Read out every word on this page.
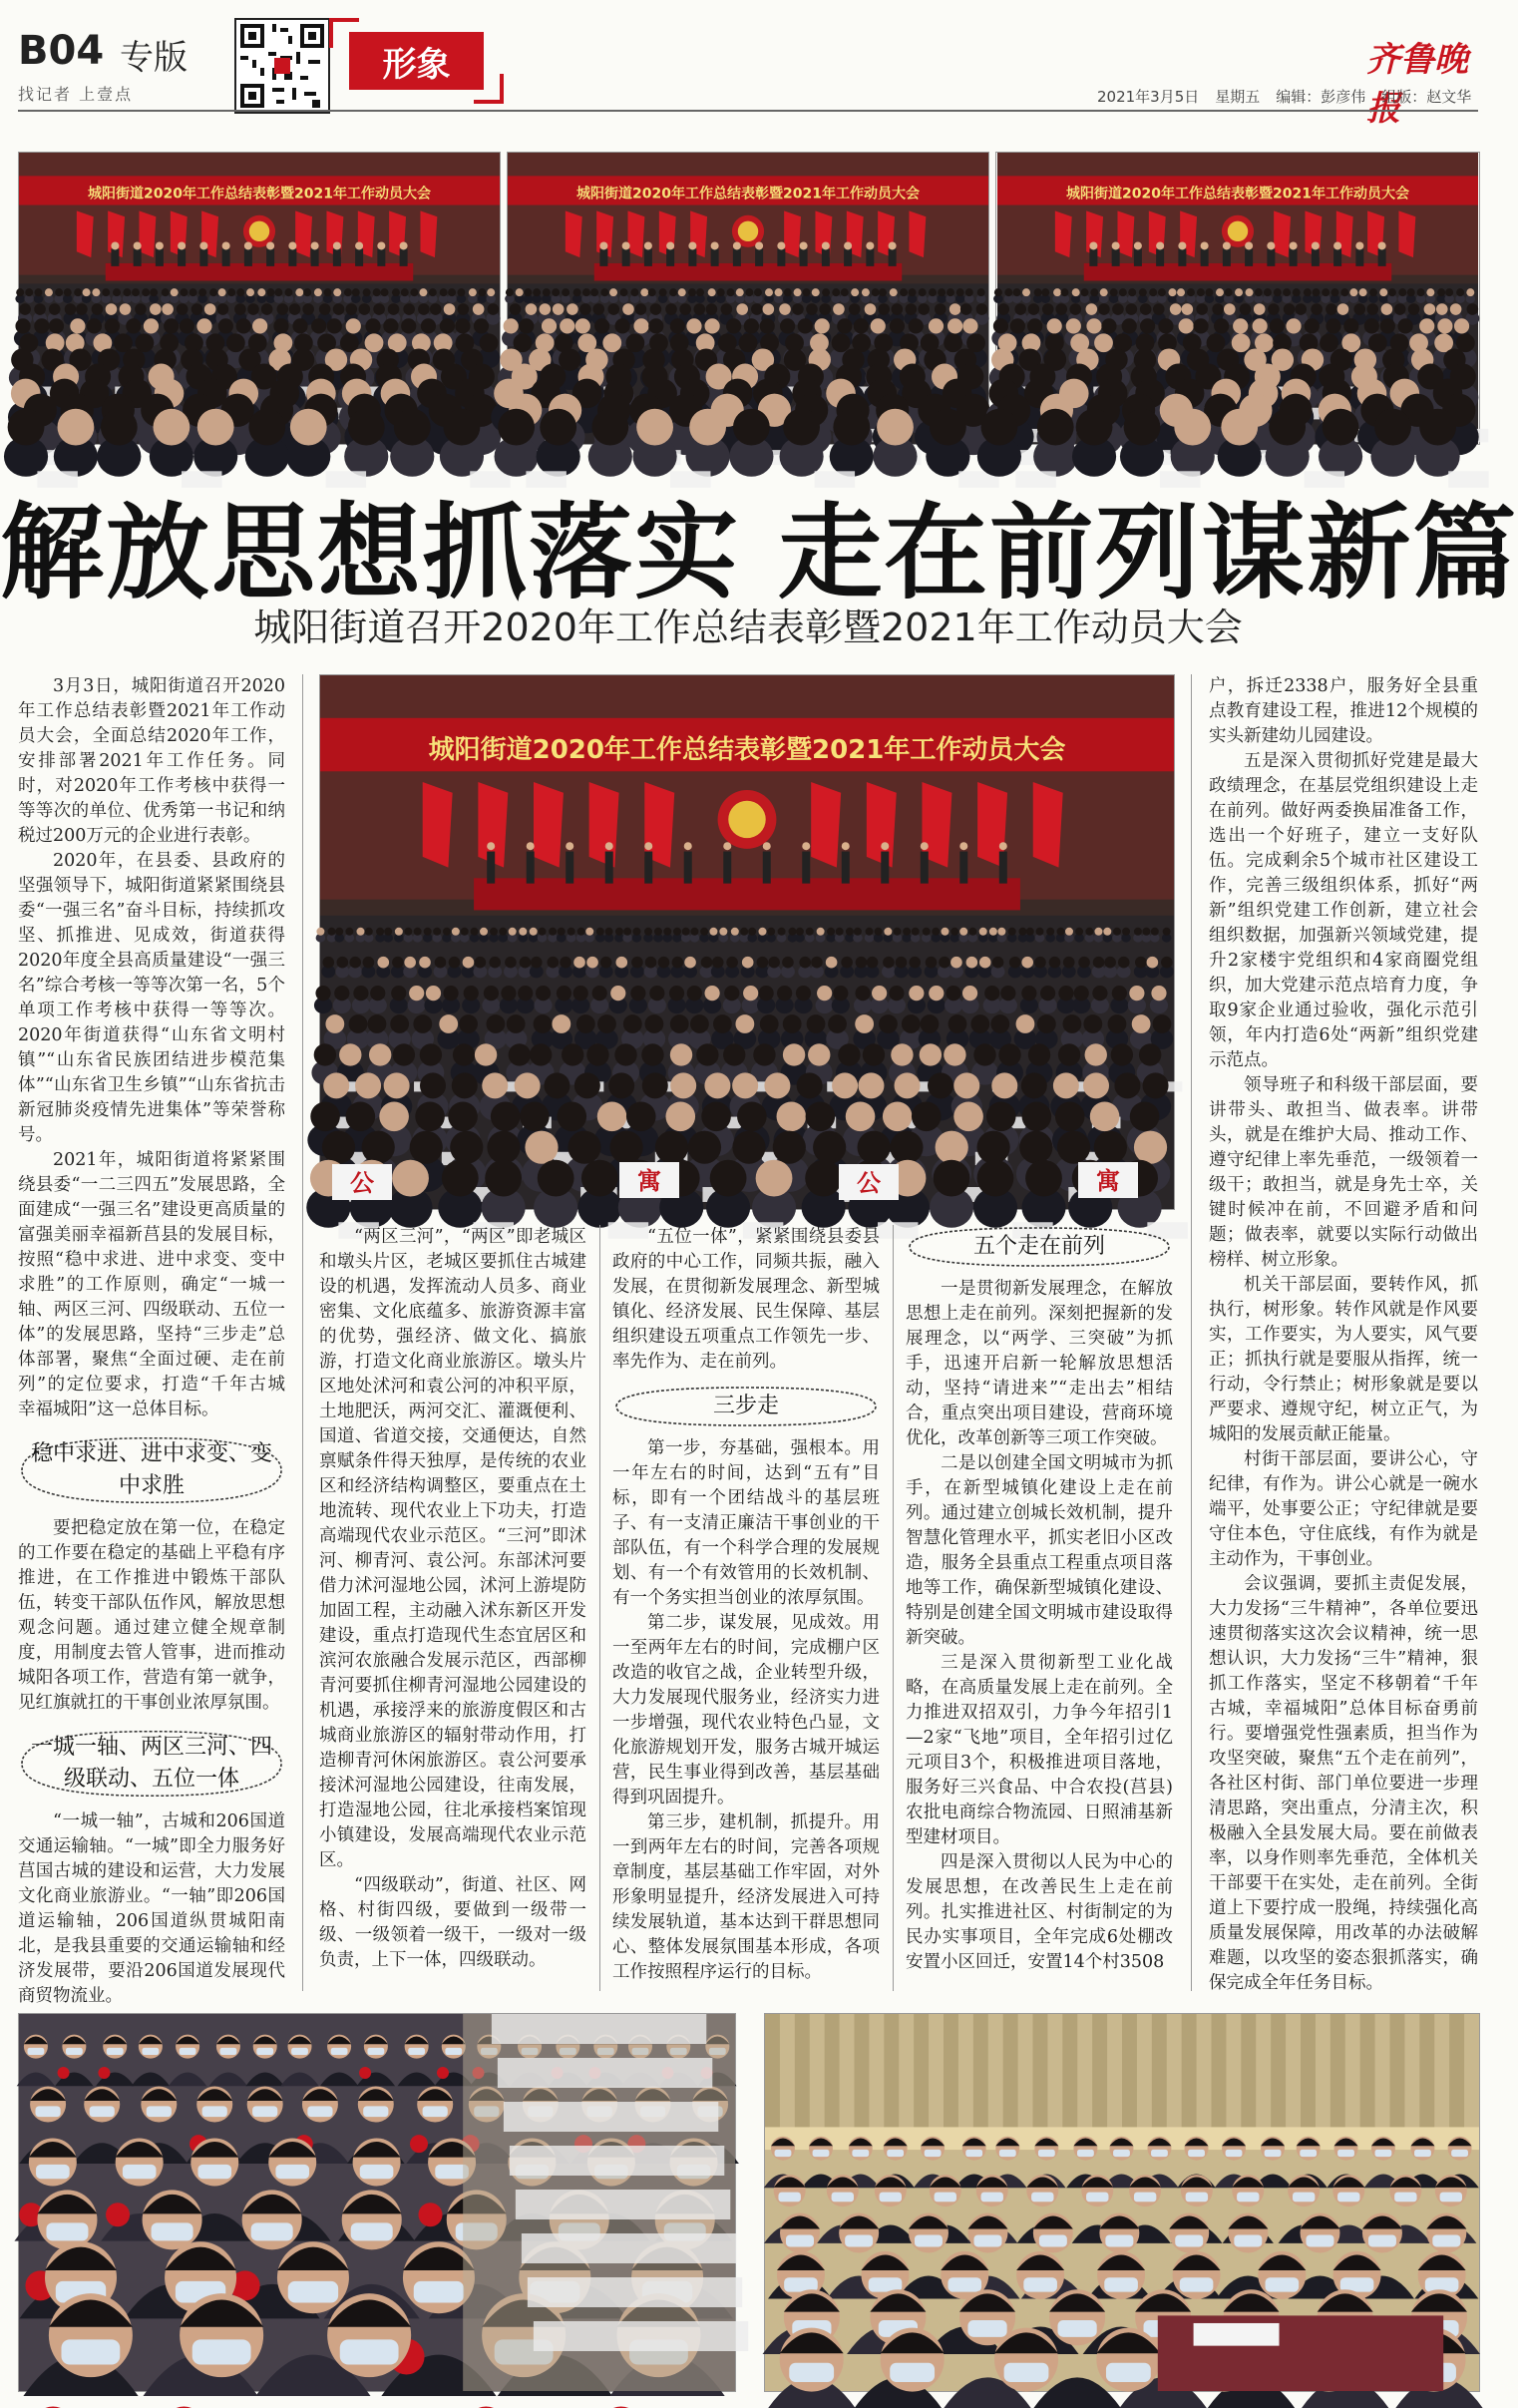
B04 专版
找记者 上壹点
形象	齐鲁晚报
2021年3月5日 星期五 编辑：彭彦伟 组版：赵文华
城阳街道2020年工作总结表彰暨2021年工作动员大会	城阳街道2020年工作总结表彰暨2021年工作动员大会	城阳街道2020年工作总结表彰暨2021年工作动员大会
解放思想抓落实 走在前列谋新篇
城阳街道召开2020年工作总结表彰暨2021年工作动员大会
城阳街道2020年工作总结表彰暨2021年工作动员大会
公	寓	公	寓

3月3日，城阳街道召开2020年工作总结表彰暨2021年工作动员大会，全面总结2020年工作，安排部署2021年工作任务。同时，对2020年工作考核中获得一等等次的单位、优秀第一书记和纳税过200万元的企业进行表彰。

2020年，在县委、县政府的坚强领导下，城阳街道紧紧围绕县委“一强三名”奋斗目标，持续抓攻坚、抓推进、见成效，街道获得2020年度全县高质量建设“一强三名”综合考核一等等次第一名，5个单项工作考核中获得一等等次。2020年街道获得“山东省文明村镇”“山东省民族团结进步模范集体”“山东省卫生乡镇”“山东省抗击新冠肺炎疫情先进集体”等荣誉称号。

2021年，城阳街道将紧紧围绕县委“一二三四五”发展思路，全面建成“一强三名”建设更高质量的富强美丽幸福新莒县的发展目标，按照“稳中求进、进中求变、变中求胜”的工作原则，确定“一城一轴、两区三河、四级联动、五位一体”的发展思路，坚持“三步走”总体部署，聚焦“全面过硬、走在前列”的定位要求，打造“千年古城 幸福城阳”这一总体目标。

稳中求进、进中求变、变中求胜

要把稳定放在第一位，在稳定的工作要在稳定的基础上平稳有序推进，在工作推进中锻炼干部队伍，转变干部队伍作风，解放思想观念问题。通过建立健全规章制度，用制度去管人管事，进而推动城阳各项工作，营造有第一就争，见红旗就扛的干事创业浓厚氛围。

一城一轴、两区三河、四级联动、五位一体

“一城一轴”，古城和206国道交通运输轴。“一城”即全力服务好莒国古城的建设和运营，大力发展文化商业旅游业。“一轴”即206国道运输轴，206国道纵贯城阳南北，是我县重要的交通运输轴和经济发展带，要沿206国道发展现代商贸物流业。

“两区三河”，“两区”即老城区和墩头片区，老城区要抓住古城建设的机遇，发挥流动人员多、商业密集、文化底蕴多、旅游资源丰富的优势，强经济、做文化、搞旅游，打造文化商业旅游区。墩头片区地处沭河和袁公河的冲积平原，土地肥沃，两河交汇、灌溉便利、国道、省道交接，交通便达，自然禀赋条件得天独厚，是传统的农业区和经济结构调整区，要重点在土地流转、现代农业上下功夫，打造高端现代农业示范区。“三河”即沭河、柳青河、袁公河。东部沭河要借力沭河湿地公园，沭河上游堤防加固工程，主动融入沭东新区开发建设，重点打造现代生态宜居区和滨河农旅融合发展示范区，西部柳青河要抓住柳青河湿地公园建设的机遇，承接浮来的旅游度假区和古城商业旅游区的辐射带动作用，打造柳青河休闲旅游区。袁公河要承接沭河湿地公园建设，往南发展，打造湿地公园，往北承接档案馆现小镇建设，发展高端现代农业示范区。

“四级联动”，街道、社区、网格、村街四级，要做到一级带一级、一级领着一级干，一级对一级负责，上下一体，四级联动。

“五位一体”，紧紧围绕县委县政府的中心工作，同频共振，融入发展，在贯彻新发展理念、新型城镇化、经济发展、民生保障、基层组织建设五项重点工作领先一步、率先作为、走在前列。

三步走

第一步，夯基础，强根本。用一年左右的时间，达到“五有”目标，即有一个团结战斗的基层班子、有一支清正廉洁干事创业的干部队伍，有一个科学合理的发展规划、有一个有效管用的长效机制、有一个务实担当创业的浓厚氛围。

第二步，谋发展，见成效。用一至两年左右的时间，完成棚户区改造的收官之战，企业转型升级，大力发展现代服务业，经济实力进一步增强，现代农业特色凸显，文化旅游规划开发，服务古城开城运营，民生事业得到改善，基层基础得到巩固提升。

第三步，建机制，抓提升。用一到两年左右的时间，完善各项规章制度，基层基础工作牢固，对外形象明显提升，经济发展进入可持续发展轨道，基本达到干群思想同心、整体发展氛围基本形成，各项工作按照程序运行的目标。

五个走在前列

一是贯彻新发展理念，在解放思想上走在前列。深刻把握新的发展理念，以“两学、三突破”为抓手，迅速开启新一轮解放思想活动，坚持“请进来”“走出去”相结合，重点突出项目建设，营商环境优化，改革创新等三项工作突破。

二是以创建全国文明城市为抓手，在新型城镇化建设上走在前列。通过建立创城长效机制，提升智慧化管理水平，抓实老旧小区改造，服务全县重点工程重点项目落地等工作，确保新型城镇化建设、特别是创建全国文明城市建设取得新突破。

三是深入贯彻新型工业化战略，在高质量发展上走在前列。全力推进双招双引，力争今年招引1—2家“飞地”项目，全年招引过亿元项目3个，积极推进项目落地，服务好三兴食品、中合农投(莒县)农批电商综合物流园、日照浦基新型建材项目。

四是深入贯彻以人民为中心的发展思想，在改善民生上走在前列。扎实推进社区、村街制定的为民办实事项目，全年完成6处棚改安置小区回迁，安置14个村3508

户，拆迁2338户，服务好全县重点教育建设工程，推进12个规模的实头新建幼儿园建设。

五是深入贯彻抓好党建是最大政绩理念，在基层党组织建设上走在前列。做好两委换届准备工作，选出一个好班子，建立一支好队伍。完成剩余5个城市社区建设工作，完善三级组织体系，抓好“两新”组织党建工作创新，建立社会组织数据，加强新兴领域党建，提升2家楼宇党组织和4家商圈党组织，加大党建示范点培育力度，争取9家企业通过验收，强化示范引领，年内打造6处“两新”组织党建示范点。

领导班子和科级干部层面，要讲带头、敢担当、做表率。讲带头，就是在维护大局、推动工作、遵守纪律上率先垂范，一级领着一级干；敢担当，就是身先士卒，关键时候冲在前，不回避矛盾和问题；做表率，就要以实际行动做出榜样、树立形象。

机关干部层面，要转作风，抓执行，树形象。转作风就是作风要实，工作要实，为人要实，风气要正；抓执行就是要服从指挥，统一行动，令行禁止；树形象就是要以严要求、遵规守纪，树立正气，为城阳的发展贡献正能量。

村街干部层面，要讲公心，守纪律，有作为。讲公心就是一碗水端平，处事要公正；守纪律就是要守住本色，守住底线，有作为就是主动作为，干事创业。

会议强调，要抓主责促发展，大力发扬“三牛精神”，各单位要迅速贯彻落实这次会议精神，统一思想认识，大力发扬“三牛”精神，狠抓工作落实，坚定不移朝着“千年古城，幸福城阳”总体目标奋勇前行。要增强党性强素质，担当作为攻坚突破，聚焦“五个走在前列”，各社区村街、部门单位要进一步理清思路，突出重点，分清主次，积极融入全县发展大局。要在前做表率，以身作则率先垂范，全体机关干部要干在实处，走在前列。全街道上下要拧成一股绳，持续强化高质量发展保障，用改革的办法破解难题，以攻坚的姿态狠抓落实，确保完成全年任务目标。
